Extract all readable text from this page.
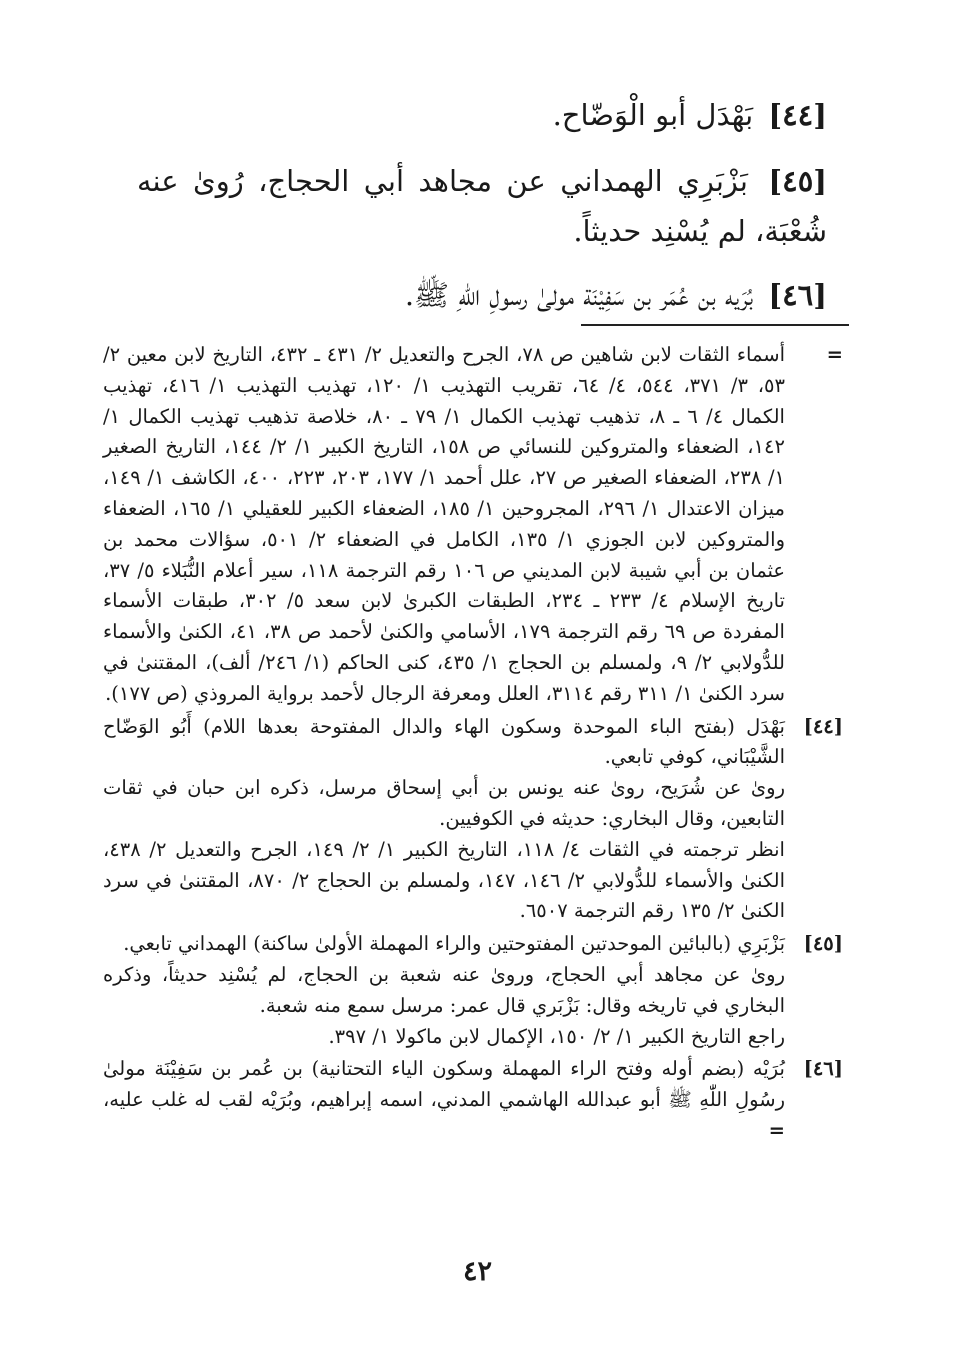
[٤٤] بَهْدَل أبو الْوَضّاح.

[٤٥] بَزْبَرِي الهمداني عن مجاهد أبي الحجاج، رُوىٰ عنه شُعْبَة، لم يُسْنِد حديثاً.

[٤٦] بُرَيه بن عُمَر بن سَفِيْنَة مولىٰ رسولِ اللّٰهِ ﷺ.

=

أسماء الثقات لابن شاهين ص ٧٨، الجرح والتعديل ٢/ ٤٣١ ـ ٤٣٢، التاريخ لابن معين ٢/ ٥٣، ٣/ ٣٧١، ٥٤٤، ٤/ ٦٤، تقريب التهذيب ١/ ١٢٠، تهذيب التهذيب ١/ ٤١٦، تهذيب الكمال ٤/ ٦ ـ ٨، تذهيب تهذيب الكمال ١/ ٧٩ ـ ٨٠، خلاصة تذهيب تهذيب الكمال ١/ ١٤٢، الضعفاء والمتروكين للنسائي ص ١٥٨، التاريخ الكبير ١/ ٢/ ١٤٤، التاريخ الصغير ١/ ٢٣٨، الضعفاء الصغير ص ٢٧، علل أحمد ١/ ١٧٧، ٢٠٣، ٢٢٣، ٤٠٠، الكاشف ١/ ١٤٩، ميزان الاعتدال ١/ ٢٩٦، المجروحين ١/ ١٨٥، الضعفاء الكبير للعقيلي ١/ ١٦٥، الضعفاء والمتروكين لابن الجوزي ١/ ١٣٥، الكامل في الضعفاء ٢/ ٥٠١، سؤالات محمد بن عثمان بن أبي شيبة لابن المديني ص ١٠٦ رقم الترجمة ١١٨، سير أعلام النُّبَلاء ٥/ ٣٧، تاريخ الإسلام ٤/ ٢٣٣ ـ ٢٣٤، الطبقات الكبرىٰ لابن سعد ٥/ ٣٠٢، طبقات الأسماء المفردة ص ٦٩ رقم الترجمة ١٧٩، الأسامي والكنىٰ لأحمد ص ٣٨، ٤١، الكنىٰ والأسماء للدُّولابي ٢/ ٩، ولمسلم بن الحجاج ١/ ٤٣٥، كنى الحاكم (١/ ٢٤٦/ ألف)، المقتنىٰ في سرد الكنىٰ ١/ ٣١١ رقم ٣١١٤، العلل ومعرفة الرجال لأحمد برواية المروذي (ص ١٧٧).

[٤٤]

بَهْدَل (بفتح الباء الموحدة وسكون الهاء والدال المفتوحة بعدها اللام) أَبُو الوَضّاح الشَّيْبَاني، كوفي تابعي.

روىٰ عن شُرَيح، روىٰ عنه يونس بن أبي إسحاق مرسل، ذكره ابن حبان في ثقات التابعين، وقال البخاري: حديثه في الكوفيين.

انظر ترجمته في الثقات ٤/ ١١٨، التاريخ الكبير ١/ ٢/ ١٤٩، الجرح والتعديل ٢/ ٤٣٨، الكنىٰ والأسماء للدُّولابي ٢/ ١٤٦، ١٤٧، ولمسلم بن الحجاج ٢/ ٨٧٠، المقتنىٰ في سرد الكنىٰ ٢/ ١٣٥ رقم الترجمة ٦٥٠٧.

[٤٥]

بَزْبَرِي (بالبائين الموحدتين المفتوحتين والراء المهملة الأولىٰ ساكنة) الهمداني تابعي.

روىٰ عن مجاهد أبي الحجاج، وروىٰ عنه شعبة بن الحجاج، لم يُسْنِد حديثاً، وذكره البخاري في تاريخه وقال: بَزْبَري قال عمر: مرسل سمع منه شعبة.

راجع التاريخ الكبير ١/ ٢/ ١٥٠، الإكمال لابن ماكولا ١/ ٣٩٧.

[٤٦]

بُرَيْه (بضم أوله وفتح الراء المهملة وسكون الياء التحتانية) بن عُمر بن سَفِيْنَة مولىٰ رسُولِ اللّٰهِ ﷺ أبو عبدالله الهاشمي المدني، اسمه إبراهيم، وبُرَيْه لقب له غلب عليه، =

٤٢
